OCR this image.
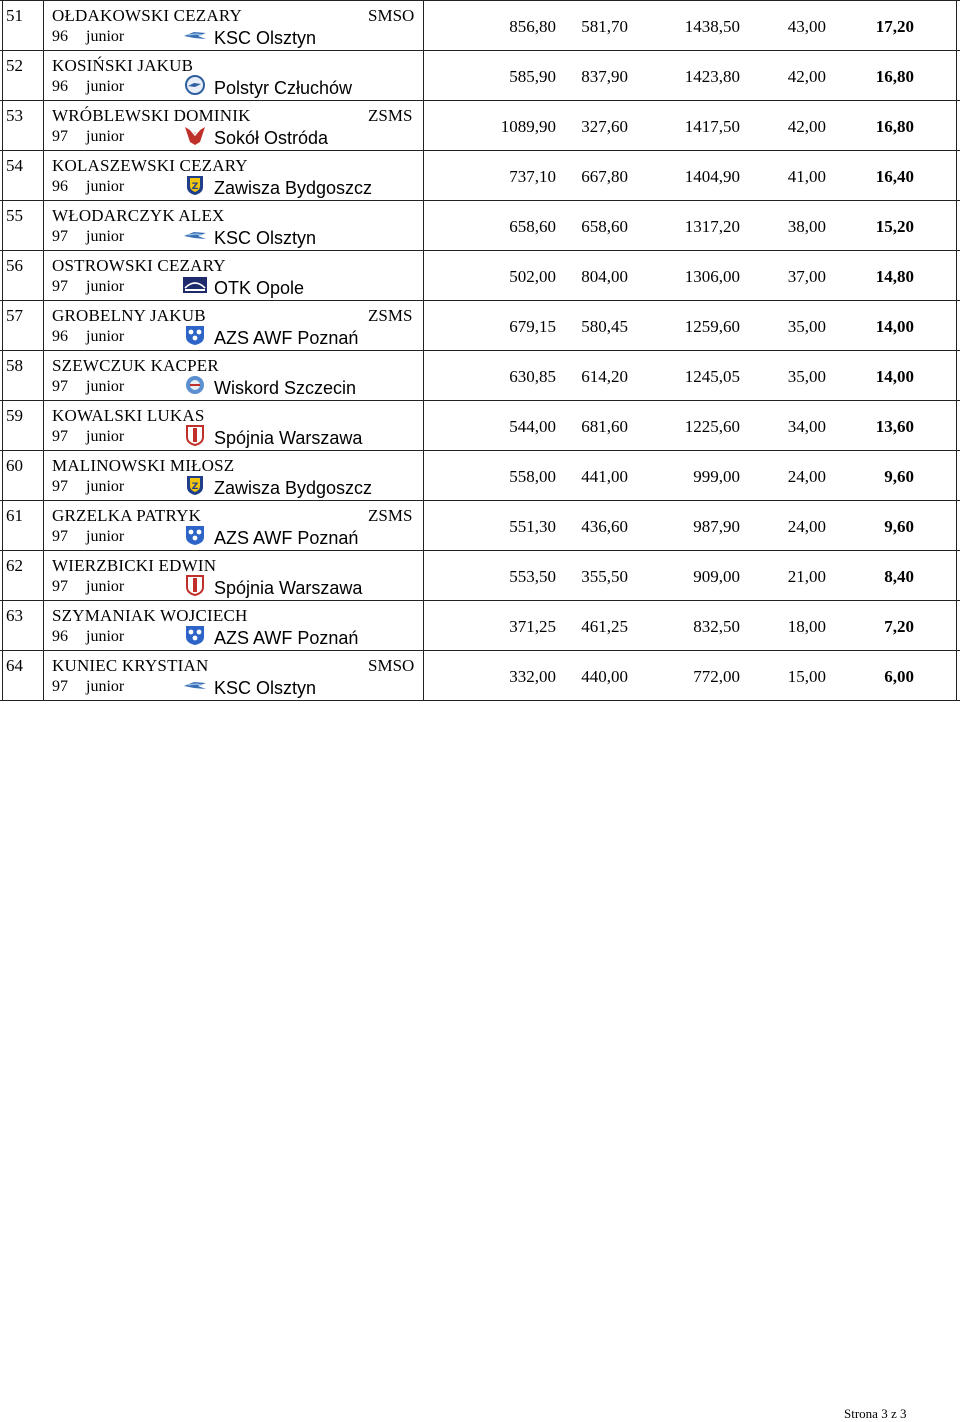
51	OŁDAKOWSKI CEZARY	SMSO
96 junior	KSC Olsztyn
856,80	581,70	1438,50	43,00	17,20
52	KOSIŃSKI JAKUB
96 junior	Polstyr Człuchów
585,90	837,90	1423,80	42,00	16,80
53	WRÓBLEWSKI DOMINIK	ZSMS
97 junior	Sokół Ostróda
1089,90	327,60	1417,50	42,00	16,80
54	KOLASZEWSKI CEZARY
96 junior	Z Zawisza Bydgoszcz
737,10	667,80	1404,90	41,00	16,40
55	WŁODARCZYK ALEX
97 junior	KSC Olsztyn
658,60	658,60	1317,20	38,00	15,20
56	OSTROWSKI CEZARY
97 junior	OTK Opole
502,00	804,00	1306,00	37,00	14,80
57	GROBELNY JAKUB	ZSMS
96 junior	AZS AWF Poznań
679,15	580,45	1259,60	35,00	14,00
58	SZEWCZUK KACPER
97 junior	Wiskord Szczecin
630,85	614,20	1245,05	35,00	14,00
59	KOWALSKI LUKAS
97 junior	Spójnia Warszawa
544,00	681,60	1225,60	34,00	13,60
60	MALINOWSKI MIŁOSZ
97 junior	Z Zawisza Bydgoszcz
558,00	441,00	999,00	24,00	9,60
61	GRZELKA PATRYK	ZSMS
97 junior	AZS AWF Poznań
551,30	436,60	987,90	24,00	9,60
62	WIERZBICKI EDWIN
97 junior	Spójnia Warszawa
553,50	355,50	909,00	21,00	8,40
63	SZYMANIAK WOJCIECH
96 junior	AZS AWF Poznań
371,25	461,25	832,50	18,00	7,20
64	KUNIEC KRYSTIAN	SMSO
97 junior	KSC Olsztyn
332,00	440,00	772,00	15,00	6,00
Strona 3 z 3
